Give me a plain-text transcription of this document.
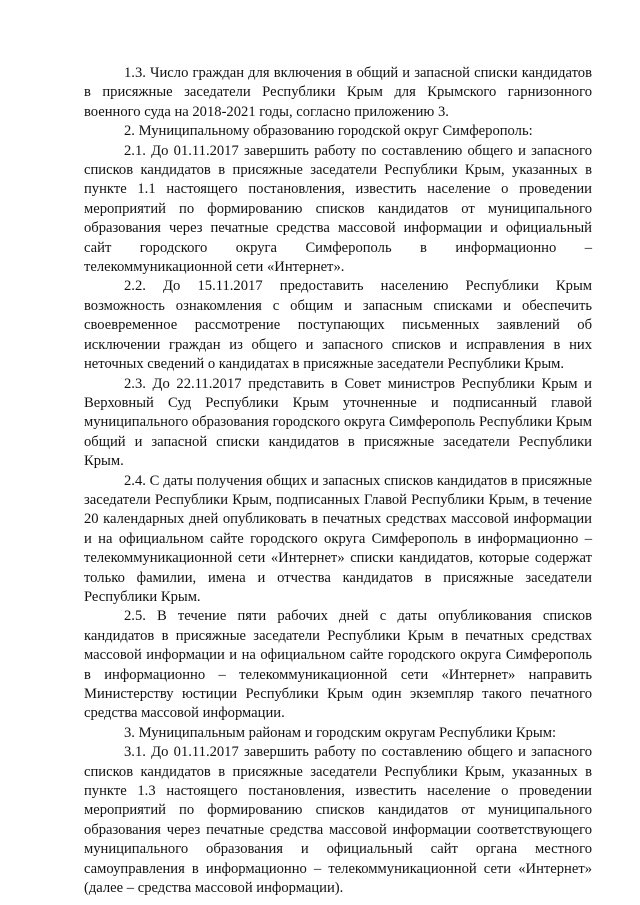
1.3. Число граждан для включения в общий и запасной списки кандидатов в присяжные заседатели Республики Крым для Крымского гарнизонного военного суда на 2018-2021 годы, согласно приложению 3.

2. Муниципальному образованию городской округ Симферополь:

2.1. До 01.11.2017 завершить работу по составлению общего и запасного списков кандидатов в присяжные заседатели Республики Крым, указанных в пункте 1.1 настоящего постановления, известить население о проведении мероприятий по формированию списков кандидатов от муниципального образования через печатные средства массовой информации и официальный сайт городского округа Симферополь в информационно – телекоммуникационной сети «Интернет».

2.2. До 15.11.2017 предоставить населению Республики Крым возможность ознакомления с общим и запасным списками и обеспечить своевременное рассмотрение поступающих письменных заявлений об исключении граждан из общего и запасного списков и исправления в них неточных сведений о кандидатах в присяжные заседатели Республики Крым.

2.3. До 22.11.2017 представить в Совет министров Республики Крым и Верховный Суд Республики Крым уточненные и подписанный главой муниципального образования городского округа Симферополь Республики Крым общий и запасной списки кандидатов в присяжные заседатели Республики Крым.

2.4. С даты получения общих и запасных списков кандидатов в присяжные заседатели Республики Крым, подписанных Главой Республики Крым, в течение 20 календарных дней опубликовать в печатных средствах массовой информации и на официальном сайте городского округа Симферополь в информационно – телекоммуникационной сети «Интернет» списки кандидатов, которые содержат только фамилии, имена и отчества кандидатов в присяжные заседатели Республики Крым.

2.5. В течение пяти рабочих дней с даты опубликования списков кандидатов в присяжные заседатели Республики Крым в печатных средствах массовой информации и на официальном сайте городского округа Симферополь в информационно – телекоммуникационной сети «Интернет» направить Министерству юстиции Республики Крым один экземпляр такого печатного средства массовой информации.

3. Муниципальным районам и городским округам Республики Крым:

3.1. До 01.11.2017 завершить работу по составлению общего и запасного списков кандидатов в присяжные заседатели Республики Крым, указанных в пункте 1.3 настоящего постановления, известить население о проведении мероприятий по формированию списков кандидатов от муниципального образования через печатные средства массовой информации соответствующего муниципального образования и официальный сайт органа местного самоуправления в информационно – телекоммуникационной сети «Интернет» (далее – средства массовой информации).
